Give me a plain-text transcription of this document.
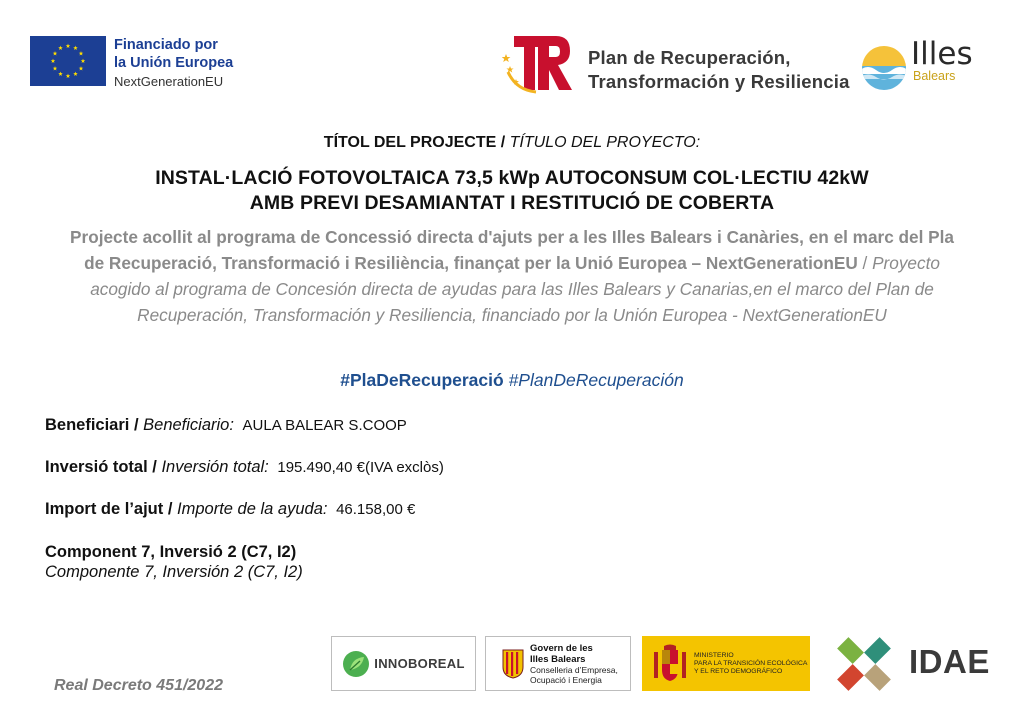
Financiado por
la Unión Europea
NextGenerationEU
Plan de Recuperación,
Transformación y Resiliencia
Illes
Balears
TÍTOL DEL PROJECTE / TÍTULO DEL PROYECTO:
INSTAL·LACIÓ FOTOVOLTAICA 73,5 kWp AUTOCONSUM COL·LECTIU 42kW
AMB PREVI DESAMIANTAT I RESTITUCIÓ DE COBERTA
Projecte acollit al programa de Concessió directa d'ajuts per a les Illes Balears i Canàries, en el marc del Pla de Recuperació, Transformació i Resiliència, finançat per la Unió Europea – NextGenerationEU / Proyecto acogido al programa de Concesión directa de ayudas para las Illes Balears y Canarias,en el marco del Plan de Recuperación, Transformación y Resiliencia, financiado por la Unión Europea - NextGenerationEU
#PlaDeRecuperació #PlanDeRecuperación
Beneficiari / Beneficiario: AULA BALEAR S.COOP
Inversió total / Inversión total: 195.490,40 €(IVA exclòs)
Import de l’ajut / Importe de la ayuda: 46.158,00 €
Component 7, Inversió 2 (C7, I2)
Componente 7, Inversión 2 (C7, I2)
Real Decreto 451/2022
INNOBOREAL
Govern de les
Illes Balears
Conselleria d’Empresa,
Ocupació i Energia
MINISTERIO
PARA LA TRANSICIÓN ECOLÓGICA
Y EL RETO DEMOGRÁFICO	IDAE
